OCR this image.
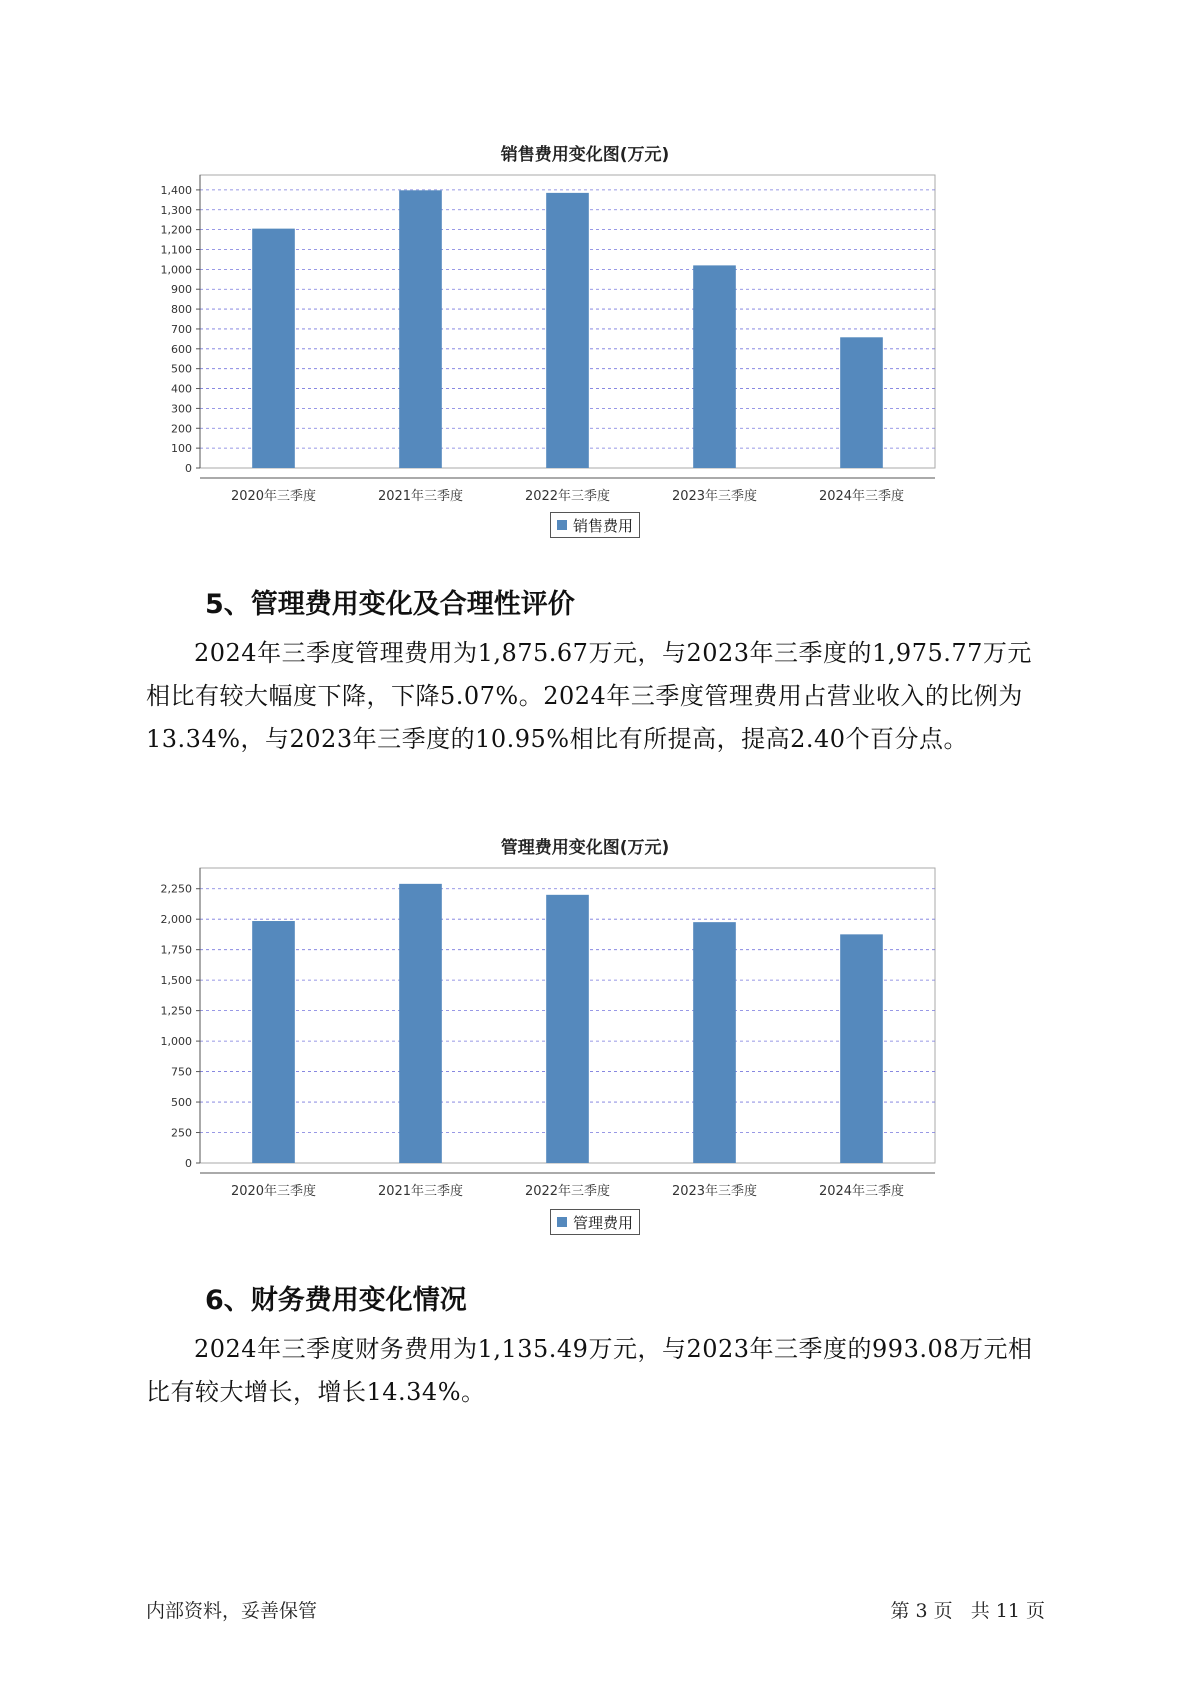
销售费用变化图(万元)
0
100
200
300
400
500
600
700
800
900
1,000
1,100
1,200
1,300
1,400
2020年三季度	2021年三季度	2022年三季度	2023年三季度	2024年三季度
销售费用
5、管理费用变化及合理性评价

2024年三季度管理费用为1,875.67万元，与2023年三季度的1,975.77万元相比有较大幅度下降，下降5.07%。2024年三季度管理费用占营业收入的比例为13.34%，与2023年三季度的10.95%相比有所提高，提高2.40个百分点。

管理费用变化图(万元)
0
250
500
750
1,000
1,250
1,500
1,750
2,000
2,250
2020年三季度	2021年三季度	2022年三季度	2023年三季度	2024年三季度
管理费用
6、财务费用变化情况

2024年三季度财务费用为1,135.49万元，与2023年三季度的993.08万元相比有较大增长，增长14.34%。

内部资料，妥善保管	第 3 页   共 11 页
